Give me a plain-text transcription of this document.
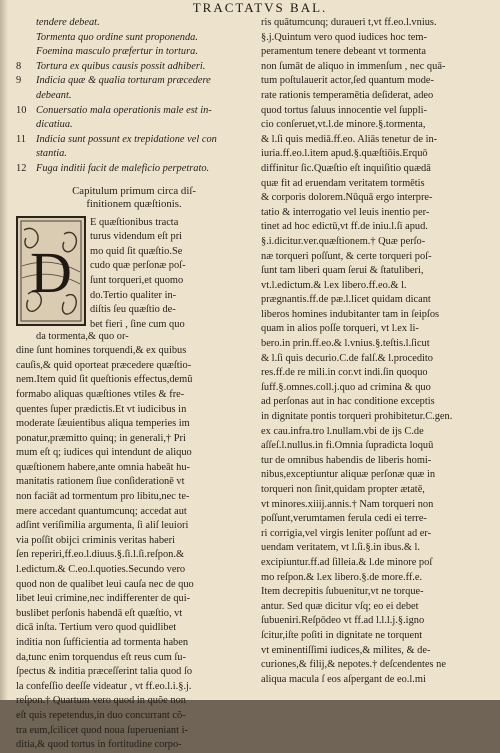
TRACTATVS BAL.
tendere debeat.
Tormenta quo ordine sunt proponenda.
Foemina masculo præfertur in tortura.
8 Tortura ex quibus causis possit adhiberi.
9 Indicia quæ & qualia torturam præcedere
debeant.
10 Conuersatio mala operationis male est in-
dicatiua.
11 Indicia sunt possunt ex trepidatione vel con
stantia.
12 Fuga inditii facit de maleficio perpetrato.
Capitulum primum circa diſ-
finitionem quæſtionis.
D
E quæſtionibus tracta
turus videndum eſt pri
mo quid ſit quæſtio.Se
cudo quæ perſonæ poſ-
ſunt torqueri,et quomo
do.Tertio qualiter in-
diſtis ſeu quæſtio de-
bet fieri , ſine cum quo
da tormenta,& quo or-
dine ſunt homines torquendi,& ex quibus
cauſis,& quid oporteat præcedere quæſtio-
nem.Item quid ſit queſtionis effectus,demũ
formabo aliquas quæſtiones vtiles & fre-
quentes ſuper prædictis.Et vt iudicibus in
moderate ſæuientibus aliqua temperies im
ponatur,præmitto quinq; in generali,† Pri
mum eſt q; iudices qui intendunt de aliquo
quæſtionem habere,ante omnia habeāt hu-
manitatis rationem ſiue conſiderationē vt
non faciāt ad tormentum pro libitu,nec te-
mere accedant quantumcunq; accedat aut
adſint veriſimilia argumenta, ſi aliſ leuiori
via poſſit obijci criminis veritas haberi
ſen reperiri,ff.eo.l.diuus.§.ſi.l.ſi.reſpon.&
l.edictum.& C.eo.l.quoties.Secundo vero
quod non de qualibet leui cauſa nec de quo
libet leui crimine,nec indifferenter de qui-
buslibet perſonis habendā eſt quæſtio, vt
dicā inſta. Tertium vero quod quidlibet
inditia non ſufficientia ad tormenta haben
da,tunc enim torquendus eſt reus cum ſu-
ſpectus & inditia præceſſerint talia quod ſo
la confeſſio deeſſe videatur , vt ff.eo.l.i.§.j.
reſpon.† Quartum vero quod in quõe non
eſt quis repetendus,in duo concurrant cõ-
tra eum,ſcilicet quod noua ſuperueniant i-
ditia,& quod tortus in fortitudine corpo-
ris quātumcunq; duraueri t,vt ff.eo.l.vnius.
§.j.Quintum vero quod iudices hoc tem-
peramentum tenere debeant vt tormenta
non ſumāt de aliquo in immenſum , nec quā-
tum poſtulauerit actor,ſed quantum mode-
rate rationis temperamētia deſiderat, adeo
quod tortus ſaluus innocentie vel ſuppli-
cio conſeruet,vt.l.de minore.§.tormenta,
& l.ſi quis mediā.ff.eo. Aliās tenetur de in-
iuria.ff.eo.l.item apud.§.quæſtiōis.Erquō
diffinitur ſic.Quæſtio eſt inquiſitio quædā
quæ fit ad eruendam veritatem tormētis
& corporis dolorem.Nūquā ergo interpre-
tatio & interrogatio vel leuis inentio per-
tinet ad hoc edictū,vt ff.de iniu.l.ſi apud.
§.i.dicitur.ver.quæſtionem.† Quæ perſo-
næ torqueri poſſunt, & certe torqueri poſ-
ſunt tam liberi quam ſerui & ſtatuliberi,
vt.l.edictum.& l.ex libero.ff.eo.& l.
prægnantis.ff.de pæ.l.licet quidam dicant
liberos homines indubitanter tam in ſeipſos
quam in alios poſſe torqueri, vt l.ex li-
bero.in prin.ff.eo.& l.vnius.§.teſtis.l.ſicut
& l.ſi quis decurio.C.de falſ.& l.procedito
res.ff.de re mili.in cor.vt indi.ſin quoquo
ſuff.§.omnes.coll.j.quo ad crimina & quo
ad perſonas aut in hac conditione exceptis
in dignitate pontis torqueri prohibitetur.C.gen.
ex cau.infra.tro l.nullam.vbi de ijs C.de
aſſeſ.l.nullus.in fi.Omnia ſupradicta loquū
tur de omnibus habendis de liberis homi-
nibus,exceptiuntur aliquæ perſonæ quæ in
torqueri non ſinit,quidam propter ætatē,
vt minores.xiiij.annis.† Nam torqueri non
poſſunt,verumtamen ferula cedi ei terre-
ri corrigia,vel virgis leniter poſſunt ad er-
uendam veritatem, vt l.ſi.§.in ibus.& l.
excipiuntur.ff.ad ſilleia.& l.de minore poſ
mo reſpon.& l.ex libero.§.de more.ff.e.
Item decrepitis ſubuenitur,vt ne torque-
antur. Sed quæ dicitur vſq; eo ei debet
ſubueniri.Reſpōdeo vt ff.ad l.l.l.j.§.igno
ſcitur,iſte poſiti in dignitate ne torquent
vt eminentiſſimi iudices,& milites, & de-
curiones,& filij,& nepotes.† deſcendentes ne
aliqua macula ſ eos aſpergant de eo.l.mi
